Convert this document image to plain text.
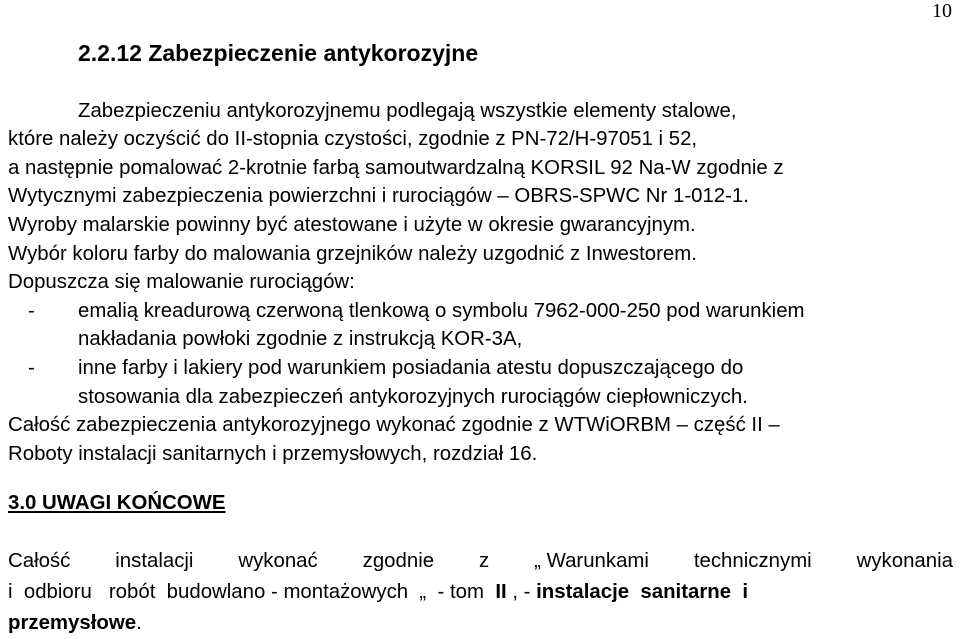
10
2.2.12 Zabezpieczenie antykorozyjne
Zabezpieczeniu antykorozyjnemu podlegają wszystkie elementy stalowe,
które należy oczyścić do II-stopnia czystości, zgodnie z PN-72/H-97051 i 52,
a następnie pomalować 2-krotnie farbą samoutwardzalną KORSIL 92 Na-W zgodnie z
Wytycznymi zabezpieczenia powierzchni i rurociągów – OBRS-SPWC Nr 1-012-1.
Wyroby malarskie powinny być atestowane i użyte w okresie gwarancyjnym.
Wybór koloru farby do malowania grzejników należy uzgodnić z Inwestorem.
Dopuszcza się malowanie rurociągów:
-	emalią kreadurową czerwoną tlenkową o symbolu 7962-000-250 pod warunkiem
nakładania powłoki zgodnie z instrukcją KOR-3A,
-	inne farby i lakiery pod warunkiem posiadania atestu dopuszczającego do
stosowania dla zabezpieczeń antykorozyjnych rurociągów ciepłowniczych.
Całość zabezpieczenia antykorozyjnego wykonać zgodnie z WTWiORBM – część II –
Roboty instalacji sanitarnych i przemysłowych, rozdział 16.
3.0 UWAGI KOŃCOWE
Całość instalacji wykonać zgodnie z „ Warunkami technicznymi wykonania
i  odbioru   robót  budowlano - montażowych  „  - tom  II , - instalacje  sanitarne  i
przemysłowe.
